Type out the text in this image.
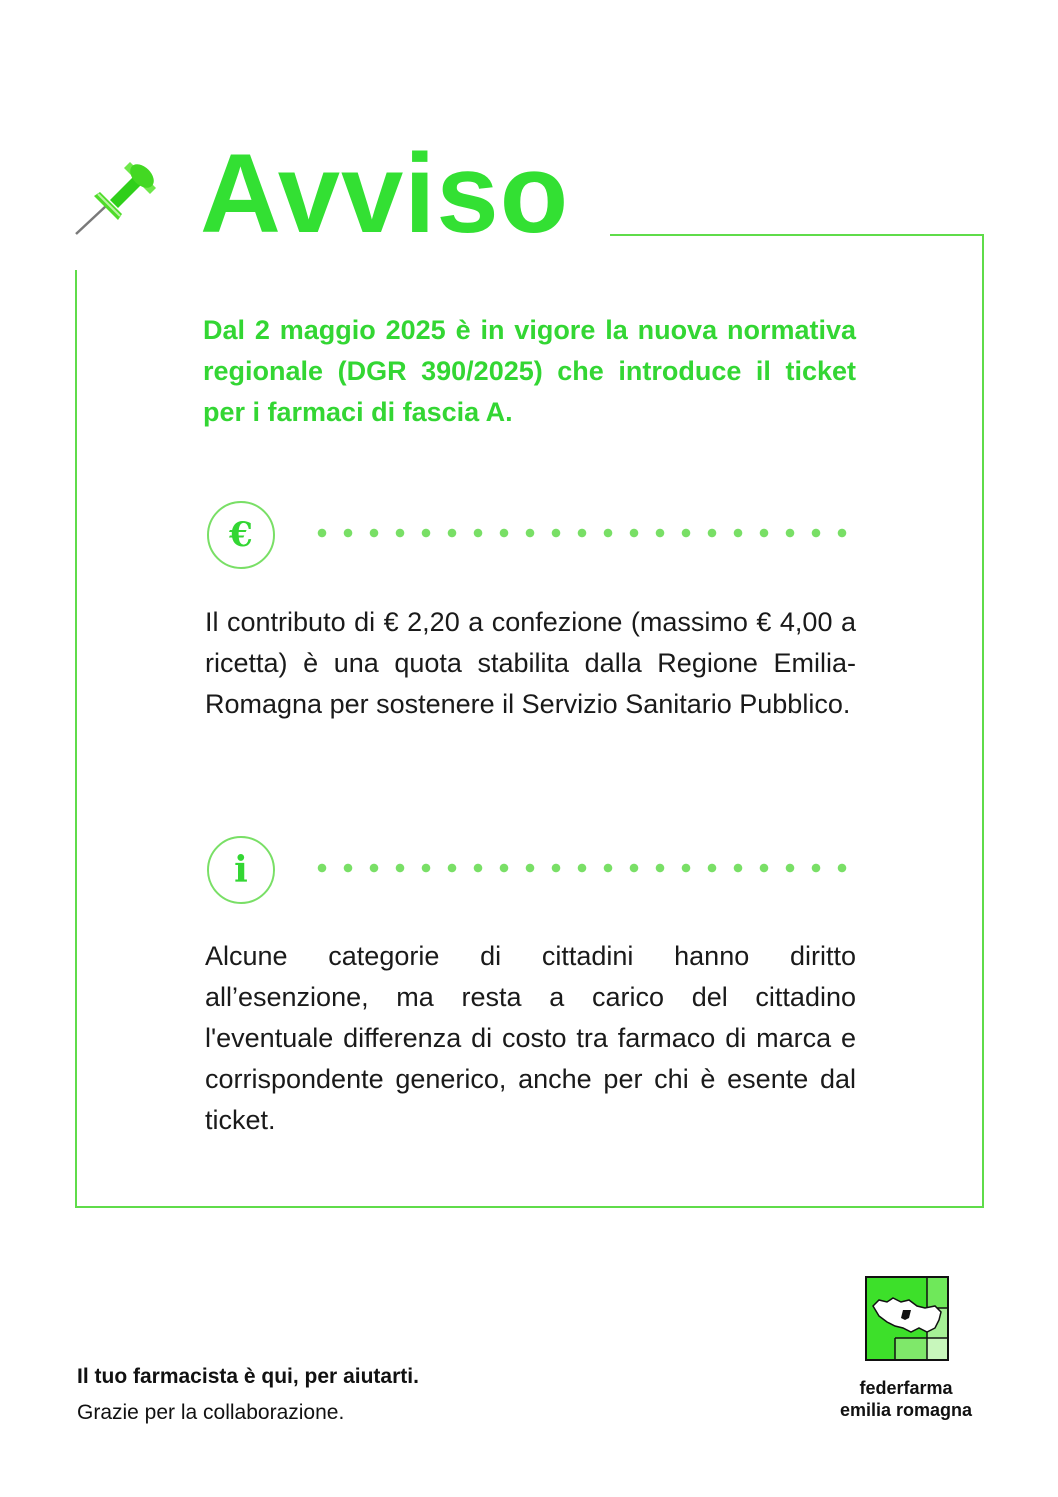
Avviso

Dal 2 maggio 2025 è in vigore la nuova normativa regionale (DGR 390/2025) che introduce il ticket per i farmaci di fascia A.

€

Il contributo di € 2,20 a confezione (massimo € 4,00 a ricetta) è una quota stabilita dalla Regione Emilia-Romagna per sostenere il Servizio Sanitario Pubblico.

i

Alcune categorie di cittadini hanno diritto all’esenzione, ma resta a carico del cittadino l'eventuale differenza di costo tra farmaco di marca e corrispondente generico, anche per chi è esente dal ticket.

Il tuo farmacista è qui, per aiutarti.

Grazie per la collaborazione.

federfarma
emilia romagna
